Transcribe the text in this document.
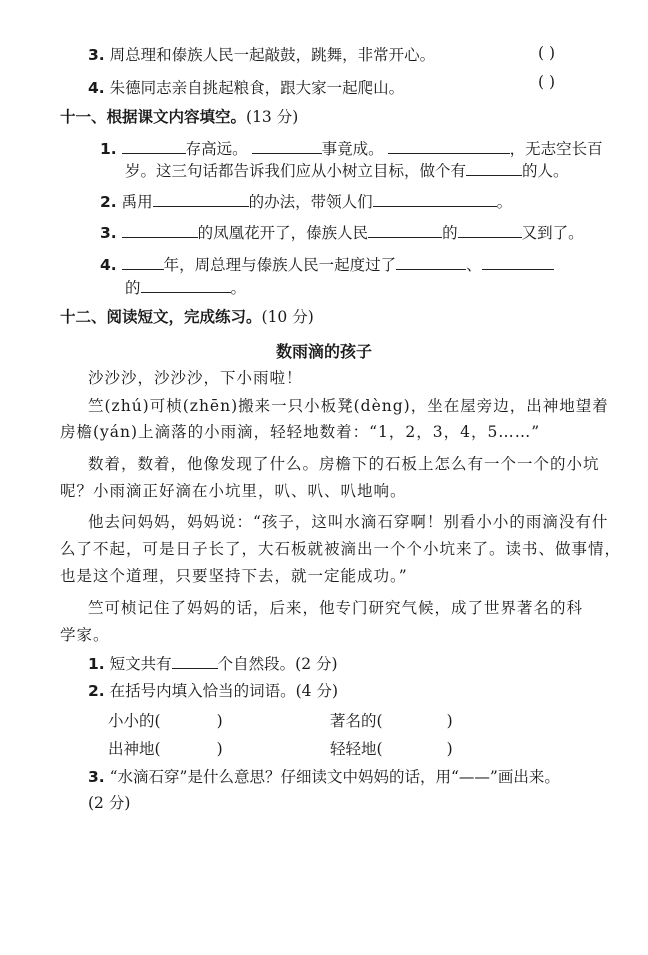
3. 周总理和傣族人民一起敲鼓，跳舞，非常开心。	( )
4. 朱德同志亲自挑起粮食，跟大家一起爬山。	( )
十一、根据课文内容填空。(13 分)
1.	存高远。	事竟成。	，无志空长百
岁。这三句话都告诉我们应从小树立目标，做个有	的人。
2. 禹用	的办法，带领人们	。
3.	的凤凰花开了，傣族人民	的	又到了。
4.	年，周总理与傣族人民一起度过了	、
的	。
十二、阅读短文，完成练习。(10 分)
数雨滴的孩子
沙沙沙，沙沙沙，下小雨啦！
竺(zhú)可桢(zhēn)搬来一只小板凳(dèng)，坐在屋旁边，出神地望着
房檐(yán)上滴落的小雨滴，轻轻地数着：“1，2，3，4，5……”
数着，数着，他像发现了什么。房檐下的石板上怎么有一个一个的小坑
呢？小雨滴正好滴在小坑里，叭、叭、叭地响。
他去问妈妈，妈妈说：“孩子，这叫水滴石穿啊！别看小小的雨滴没有什
么了不起，可是日子长了，大石板就被滴出一个个小坑来了。读书、做事情，
也是这个道理，只要坚持下去，就一定能成功。”
竺可桢记住了妈妈的话，后来，他专门研究气候，成了世界著名的科
学家。
1. 短文共有	个自然段。(2 分)
2. 在括号内填入恰当的词语。(4 分)
小小的(	)	著名的(	)
出神地(	)	轻轻地(	)
3. “水滴石穿”是什么意思？仔细读文中妈妈的话，用“——”画出来。
(2 分)
